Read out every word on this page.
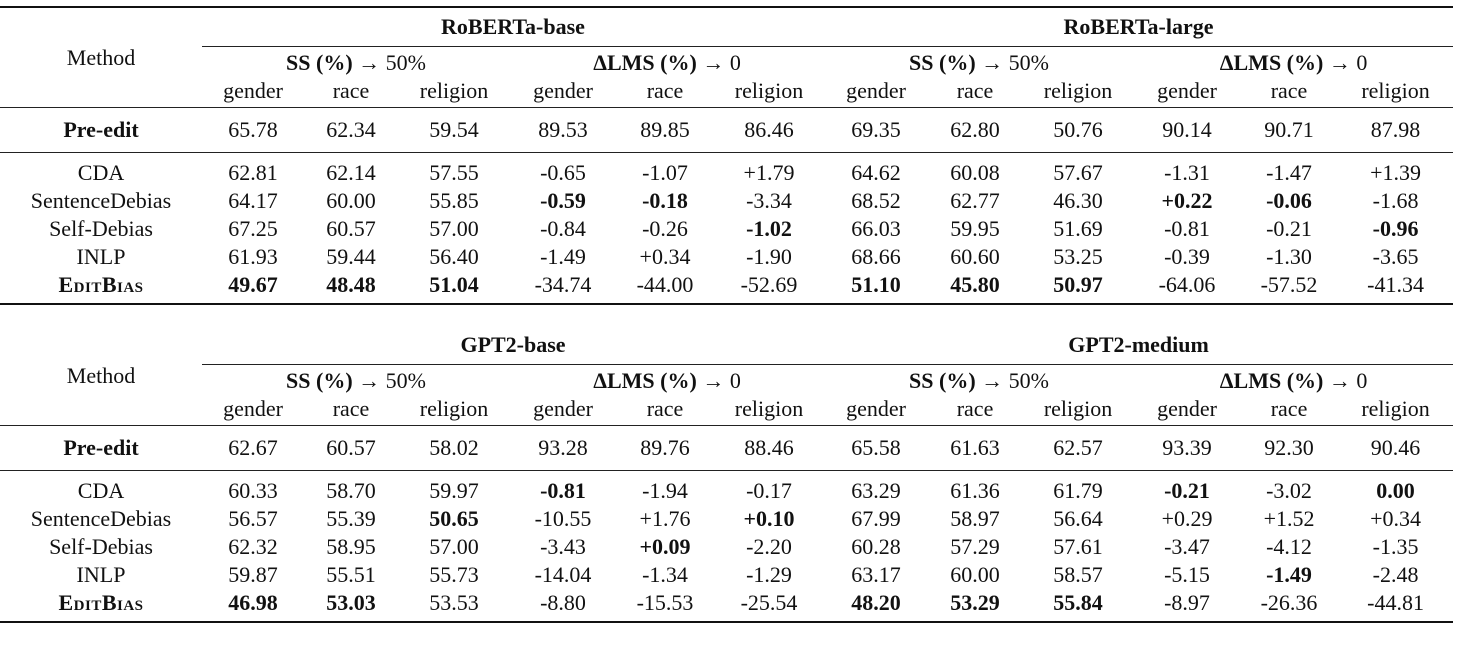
Method	RoBERTa-base						RoBERTa-large					
	SS (%) → 50%			ΔLMS (%) → 0			SS (%) → 50%			ΔLMS (%) → 0		
	gender	race	religion	gender	race	religion	gender	race	religion	gender	race	religion
Pre-edit	65.78	62.34	59.54	89.53	89.85	86.46	69.35	62.80	50.76	90.14	90.71	87.98
CDA	62.81	62.14	57.55	-0.65	-1.07	+1.79	64.62	60.08	57.67	-1.31	-1.47	+1.39
SentenceDebias	64.17	60.00	55.85	-0.59	-0.18	-3.34	68.52	62.77	46.30	+0.22	-0.06	-1.68
Self-Debias	67.25	60.57	57.00	-0.84	-0.26	-1.02	66.03	59.95	51.69	-0.81	-0.21	-0.96
INLP	61.93	59.44	56.40	-1.49	+0.34	-1.90	68.66	60.60	53.25	-0.39	-1.30	-3.65
EditBias	49.67	48.48	51.04	-34.74	-44.00	-52.69	51.10	45.80	50.97	-64.06	-57.52	-41.34
Method	GPT2-base						GPT2-medium					
	SS (%) → 50%			ΔLMS (%) → 0			SS (%) → 50%			ΔLMS (%) → 0		
	gender	race	religion	gender	race	religion	gender	race	religion	gender	race	religion
Pre-edit	62.67	60.57	58.02	93.28	89.76	88.46	65.58	61.63	62.57	93.39	92.30	90.46
CDA	60.33	58.70	59.97	-0.81	-1.94	-0.17	63.29	61.36	61.79	-0.21	-3.02	0.00
SentenceDebias	56.57	55.39	50.65	-10.55	+1.76	+0.10	67.99	58.97	56.64	+0.29	+1.52	+0.34
Self-Debias	62.32	58.95	57.00	-3.43	+0.09	-2.20	60.28	57.29	57.61	-3.47	-4.12	-1.35
INLP	59.87	55.51	55.73	-14.04	-1.34	-1.29	63.17	60.00	58.57	-5.15	-1.49	-2.48
EditBias	46.98	53.03	53.53	-8.80	-15.53	-25.54	48.20	53.29	55.84	-8.97	-26.36	-44.81
